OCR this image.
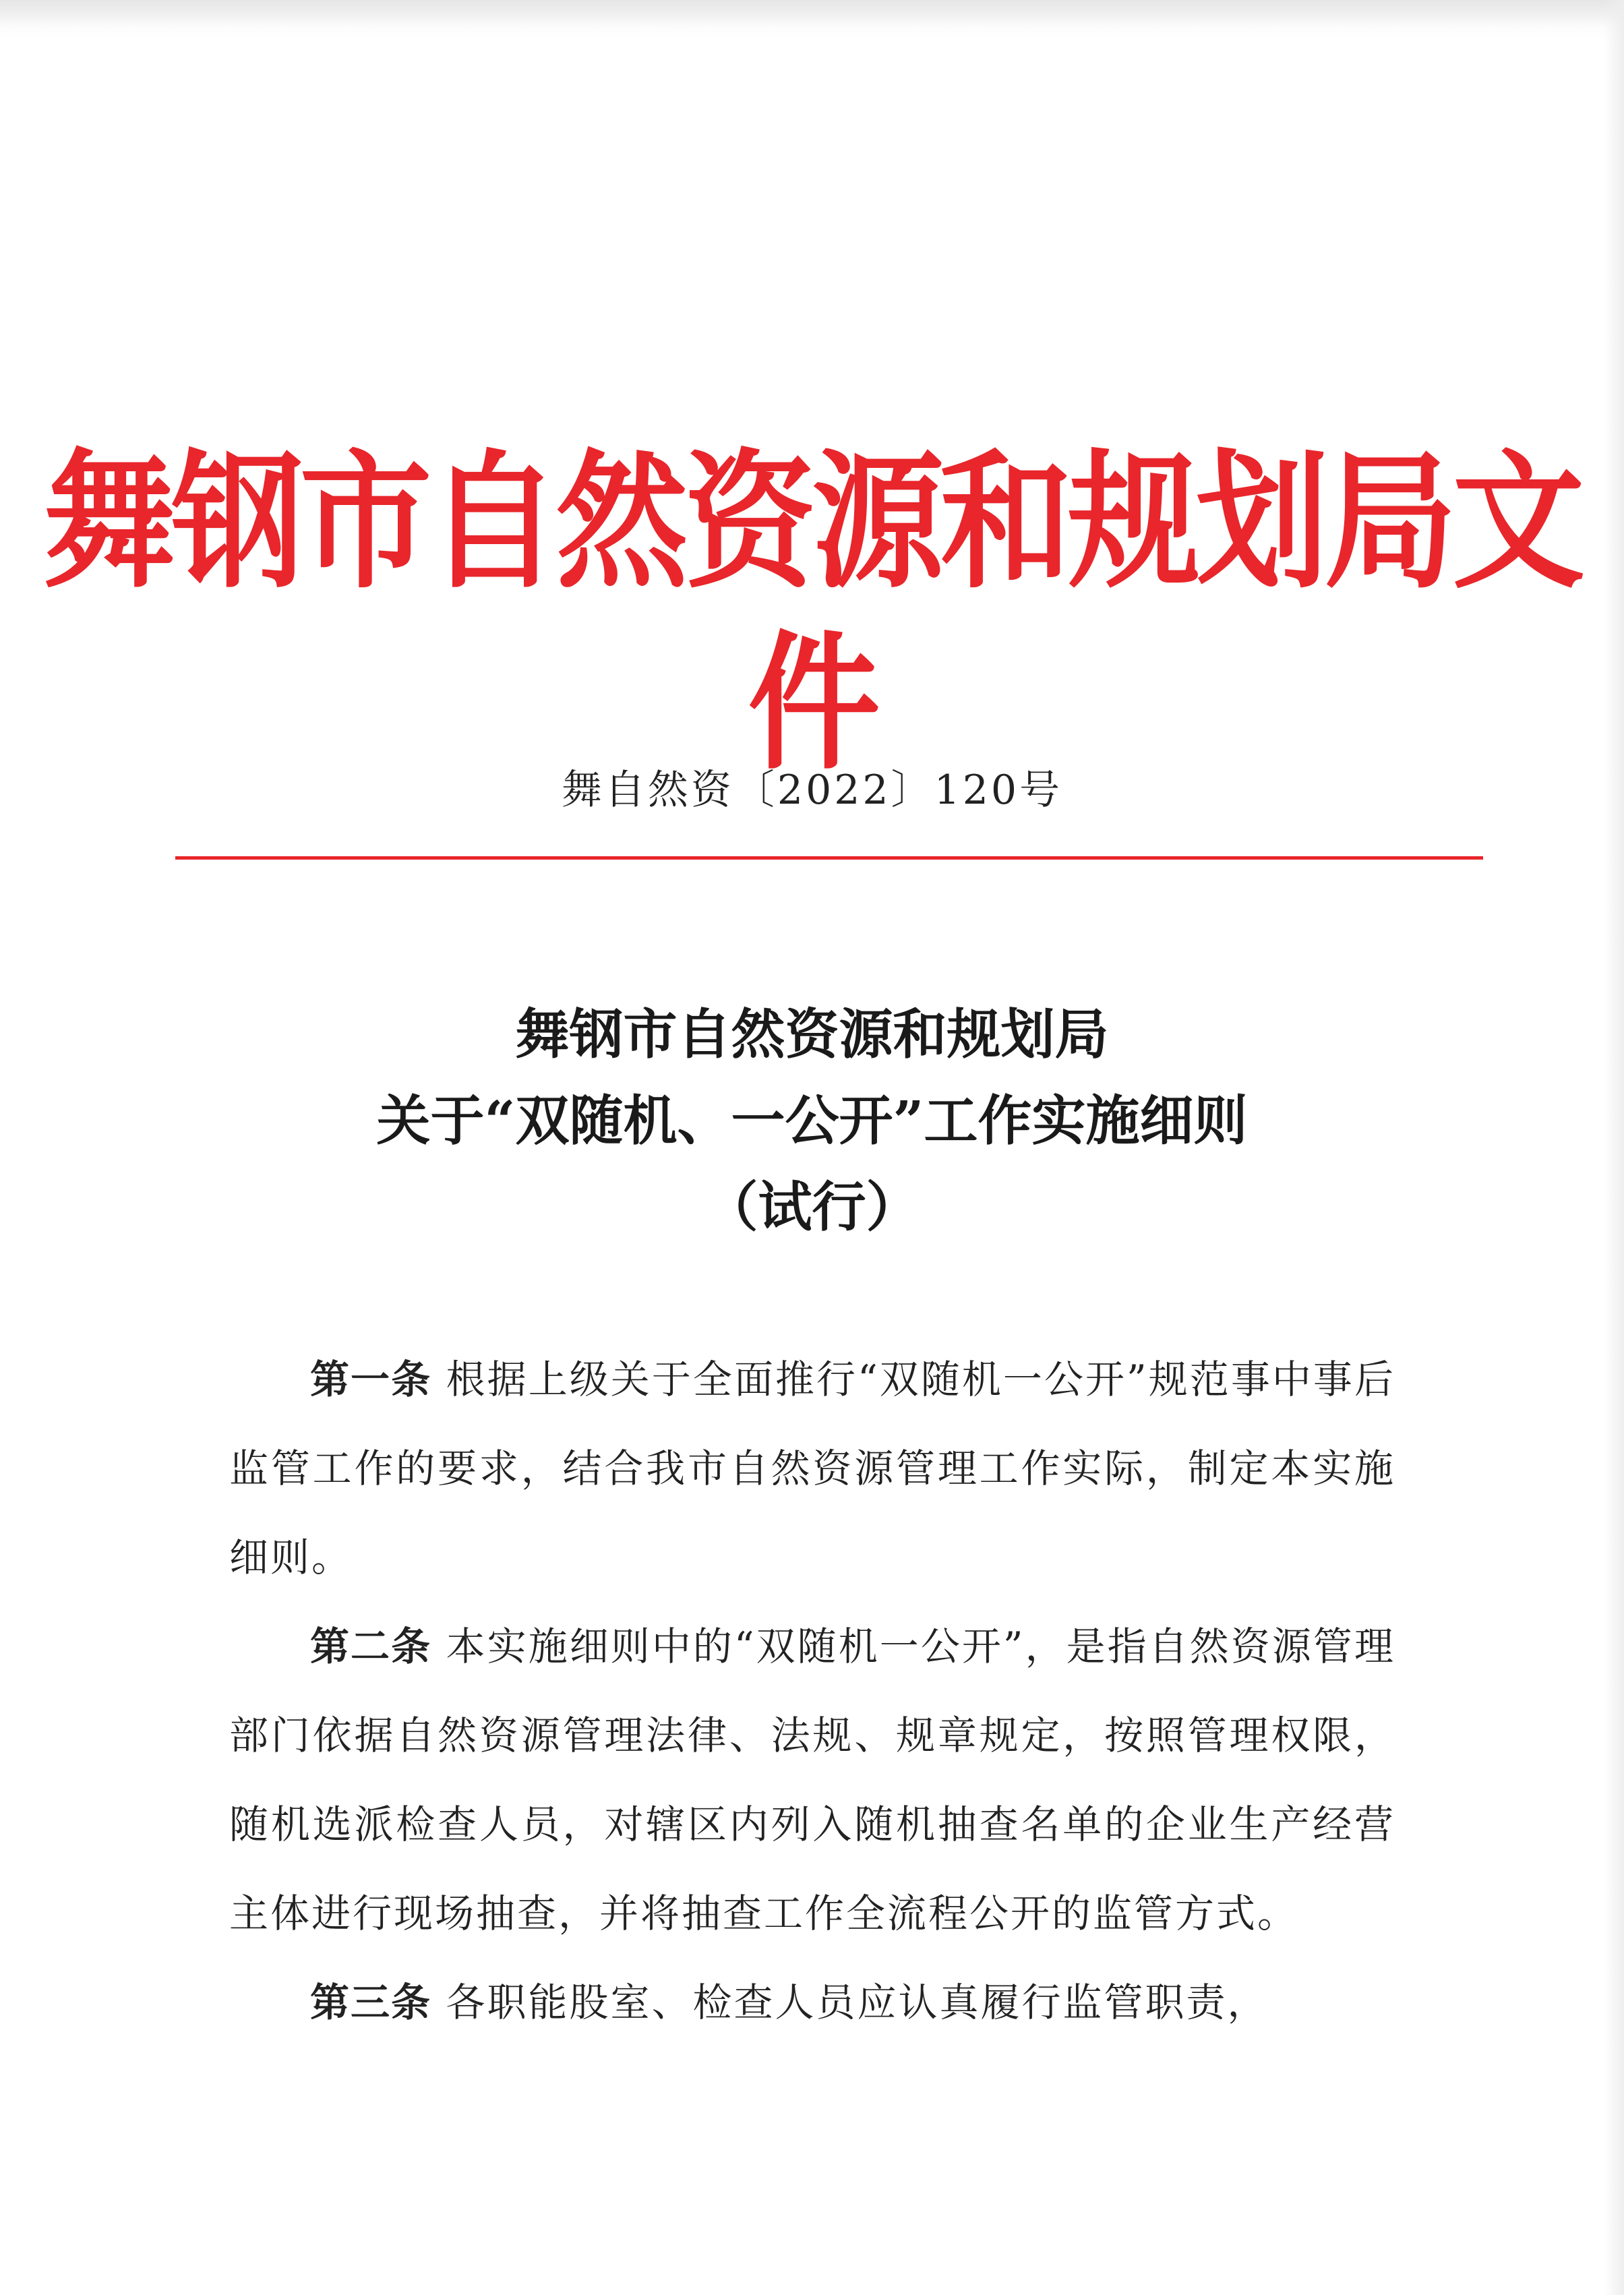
舞钢市自然资源和规划局文件
舞自然资〔2022〕120号
舞钢市自然资源和规划局
关于“双随机、一公开”工作实施细则
（试行）

第一条 根据上级关于全面推行“双随机一公开”规范事中事后监管工作的要求，结合我市自然资源管理工作实际，制定本实施细则。

第二条 本实施细则中的“双随机一公开”，是指自然资源管理部门依据自然资源管理法律、法规、规章规定，按照管理权限，随机选派检查人员，对辖区内列入随机抽查名单的企业生产经营主体进行现场抽查，并将抽查工作全流程公开的监管方式。

第三条 各职能股室、检查人员应认真履行监管职责，
